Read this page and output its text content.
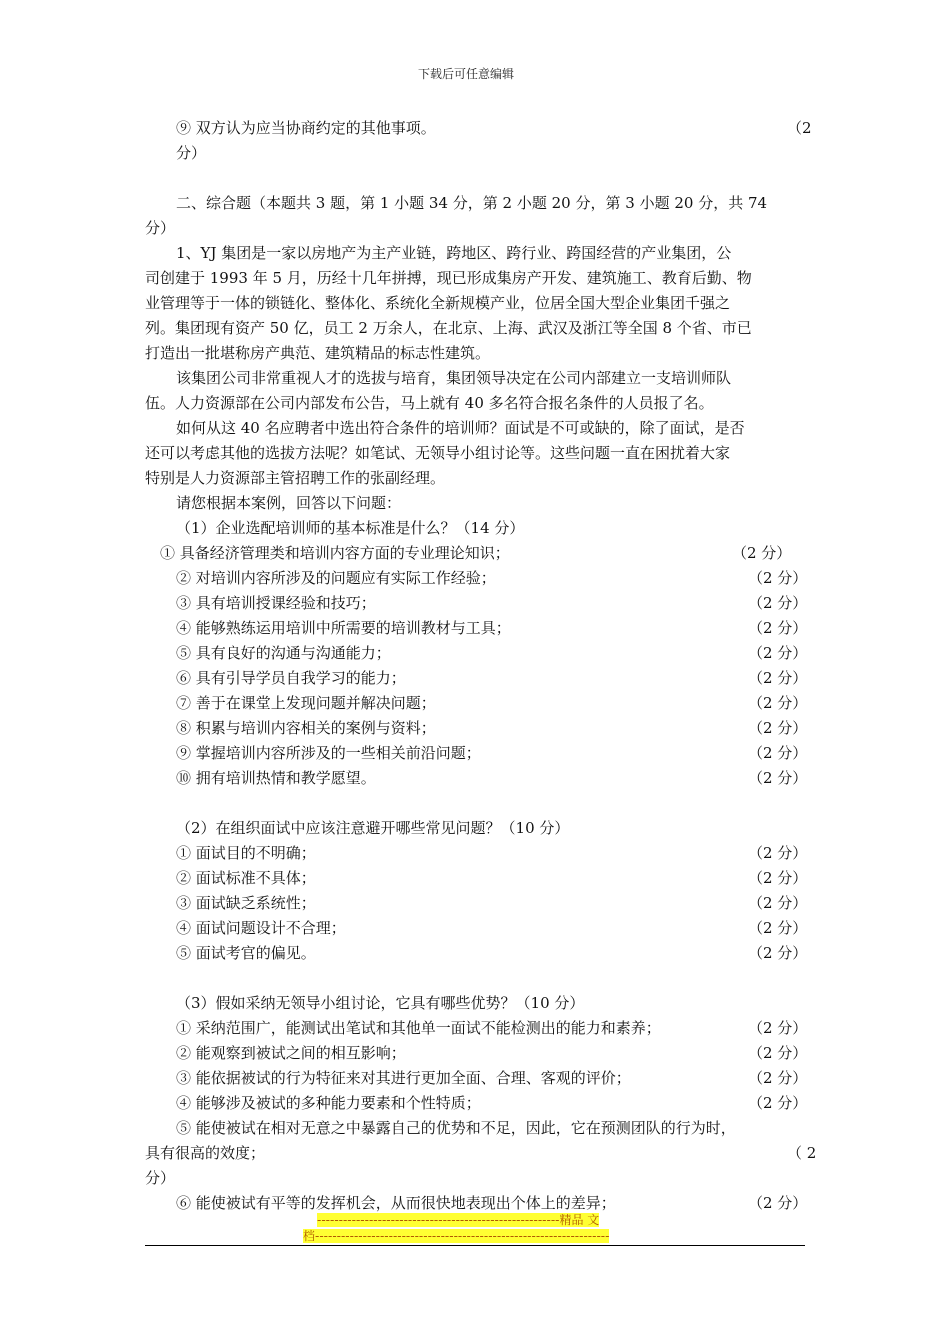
下载后可任意编辑
⑨ 双方认为应当协商约定的其他事项。	（2
分）
二、综合题（本题共 3 题，第 1 小题 34 分，第 2 小题 20 分，第 3 小题 20 分，共 74
分）
1、YJ 集团是一家以房地产为主产业链，跨地区、跨行业、跨国经营的产业集团，公
司创建于 1993 年 5 月，历经十几年拼搏，现已形成集房产开发、建筑施工、教育后勤、物
业管理等于一体的锁链化、整体化、系统化全新规模产业，位居全国大型企业集团千强之
列。集团现有资产 50 亿，员工 2 万余人，在北京、上海、武汉及浙江等全国 8 个省、市已
打造出一批堪称房产典范、建筑精品的标志性建筑。
该集团公司非常重视人才的选拔与培育，集团领导决定在公司内部建立一支培训师队
伍。人力资源部在公司内部发布公告，马上就有 40 多名符合报名条件的人员报了名。
如何从这 40 名应聘者中选出符合条件的培训师？面试是不可或缺的，除了面试，是否
还可以考虑其他的选拔方法呢？如笔试、无领导小组讨论等。这些问题一直在困扰着大家
特别是人力资源部主管招聘工作的张副经理。
请您根据本案例，回答以下问题：
（1）企业选配培训师的基本标准是什么？（14 分）
① 具备经济管理类和培训内容方面的专业理论知识；	（2 分）
② 对培训内容所涉及的问题应有实际工作经验；	（2 分）
③ 具有培训授课经验和技巧；	（2 分）
④ 能够熟练运用培训中所需要的培训教材与工具；	（2 分）
⑤ 具有良好的沟通与沟通能力；	（2 分）
⑥ 具有引导学员自我学习的能力；	（2 分）
⑦ 善于在课堂上发现问题并解决问题；	（2 分）
⑧ 积累与培训内容相关的案例与资料；	（2 分）
⑨ 掌握培训内容所涉及的一些相关前沿问题；	（2 分）
⑩ 拥有培训热情和教学愿望。	（2 分）
（2）在组织面试中应该注意避开哪些常见问题？（10 分）
① 面试目的不明确；	（2 分）
② 面试标准不具体；	（2 分）
③ 面试缺乏系统性；	（2 分）
④ 面试问题设计不合理；	（2 分）
⑤ 面试考官的偏见。	（2 分）
（3）假如采纳无领导小组讨论，它具有哪些优势？（10 分）
① 采纳范围广，能测试出笔试和其他单一面试不能检测出的能力和素养；	（2 分）
② 能观察到被试之间的相互影响；	（2 分）
③ 能依据被试的行为特征来对其进行更加全面、合理、客观的评价；	（2 分）
④ 能够涉及被试的多种能力要素和个性特质；	（2 分）
⑤ 能使被试在相对无意之中暴露自己的优势和不足，因此，它在预测团队的行为时，
具有很高的效度；	（ 2
分）
⑥ 能使被试有平等的发挥机会，从而很快地表现出个体上的差异；	（2 分）
--------------------------------------------------------精品 文
档--------------------------------------------------------------------
